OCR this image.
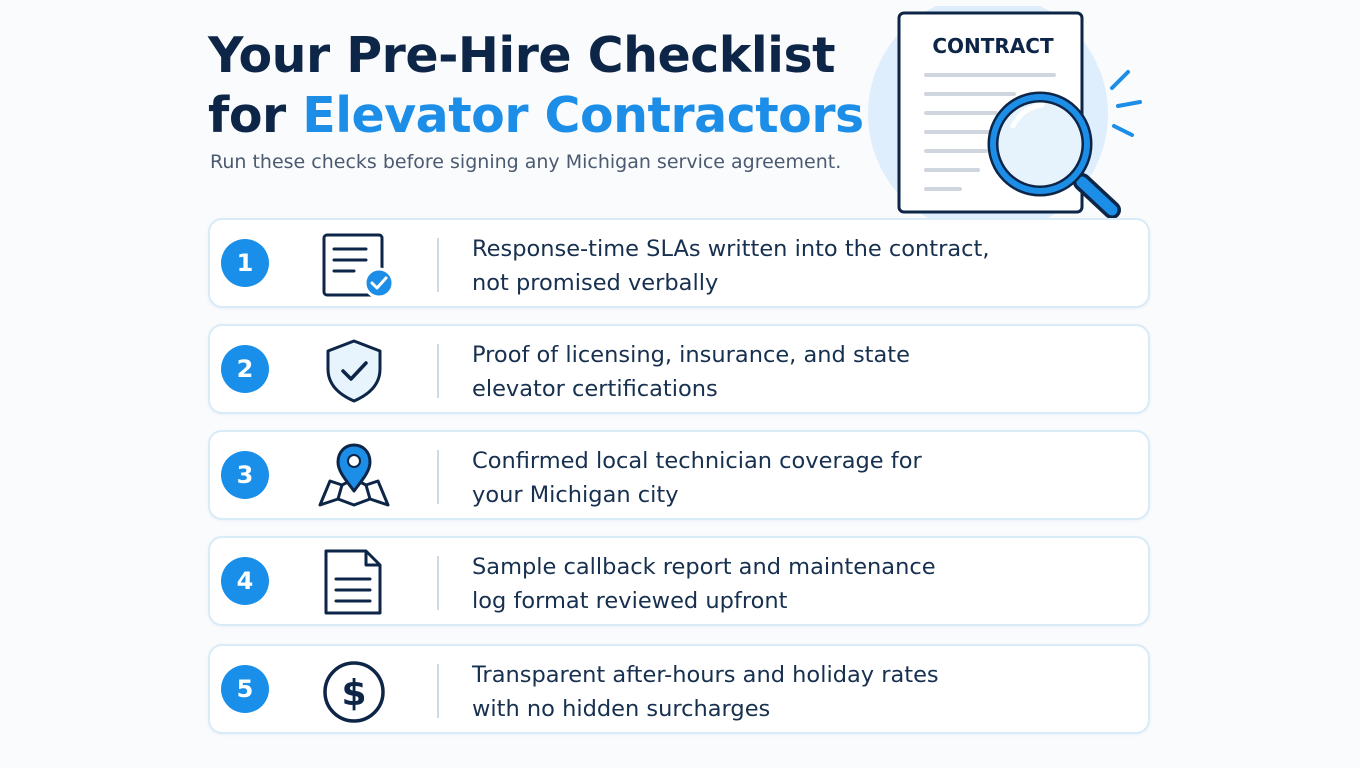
Your Pre-Hire Checklist
for Elevator Contractors

Run these checks before signing any Michigan service agreement.

CONTRACT
1	Response-time SLAs written into the contract,
not promised verbally

2	Proof of licensing, insurance, and state
elevator certifications

3	Confirmed local technician coverage for
your Michigan city

4	Sample callback report and maintenance
log format reviewed upfront

5	$	Transparent after-hours and holiday rates
with no hidden surcharges
